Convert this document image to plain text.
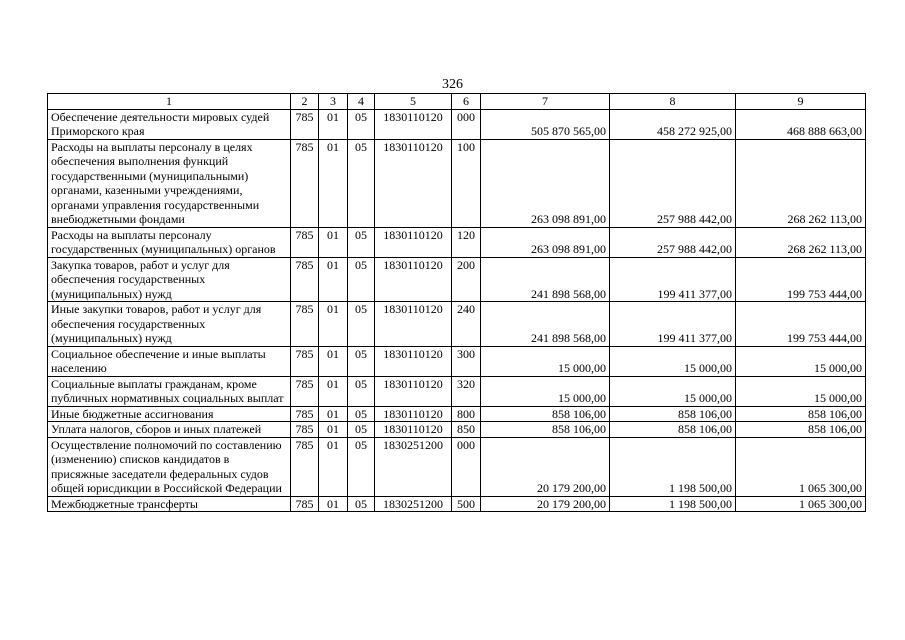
326
1	2	3	4	5	6	7	8	9
Обеспечение деятельности мировых судей Приморского края	785	01	05	1830110120	000	505 870 565,00	458 272 925,00	468 888 663,00
Расходы на выплаты персоналу в целях обеспечения выполнения функций государственными (муниципальными) органами, казенными учреждениями, органами управления государственными внебюджетными фондами	785	01	05	1830110120	100	263 098 891,00	257 988 442,00	268 262 113,00
Расходы на выплаты персоналу государственных (муниципальных) органов	785	01	05	1830110120	120	263 098 891,00	257 988 442,00	268 262 113,00
Закупка товаров, работ и услуг для обеспечения государственных (муниципальных) нужд	785	01	05	1830110120	200	241 898 568,00	199 411 377,00	199 753 444,00
Иные закупки товаров, работ и услуг для обеспечения государственных (муниципальных) нужд	785	01	05	1830110120	240	241 898 568,00	199 411 377,00	199 753 444,00
Социальное обеспечение и иные выплаты населению	785	01	05	1830110120	300	15 000,00	15 000,00	15 000,00
Социальные выплаты гражданам, кроме публичных нормативных социальных выплат	785	01	05	1830110120	320	15 000,00	15 000,00	15 000,00
Иные бюджетные ассигнования	785	01	05	1830110120	800	858 106,00	858 106,00	858 106,00
Уплата налогов, сборов и иных платежей	785	01	05	1830110120	850	858 106,00	858 106,00	858 106,00
Осуществление полномочий по составлению (изменению) списков кандидатов в присяжные заседатели федеральных судов общей юрисдикции в Российской Федерации	785	01	05	1830251200	000	20 179 200,00	1 198 500,00	1 065 300,00
Межбюджетные трансферты	785	01	05	1830251200	500	20 179 200,00	1 198 500,00	1 065 300,00
